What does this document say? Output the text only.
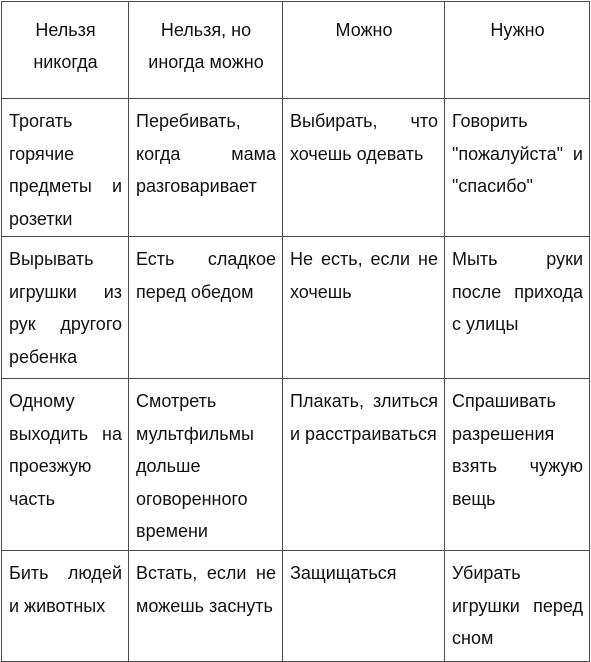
Нельзя никогда	Нельзя, но иногда можно	Можно	Нужно
Трогать горячие предметы и розетки	Перебивать, когда мама разговаривает	Выбирать, что хочешь одевать	Говорить "пожалуйста" и "спасибо"
Вырывать игрушки из рук другого ребенка	Есть сладкое перед обедом	Не есть, если не хочешь	Мыть руки после прихода с улицы
Одному выходить на проезжую часть	Смотреть мультфильмы дольше оговоренного времени	Плакать, злиться и расстраиваться	Спрашивать разрешения взять чужую вещь
Бить людей и животных	Встать, если не можешь заснуть	Защищаться	Убирать игрушки перед сном
